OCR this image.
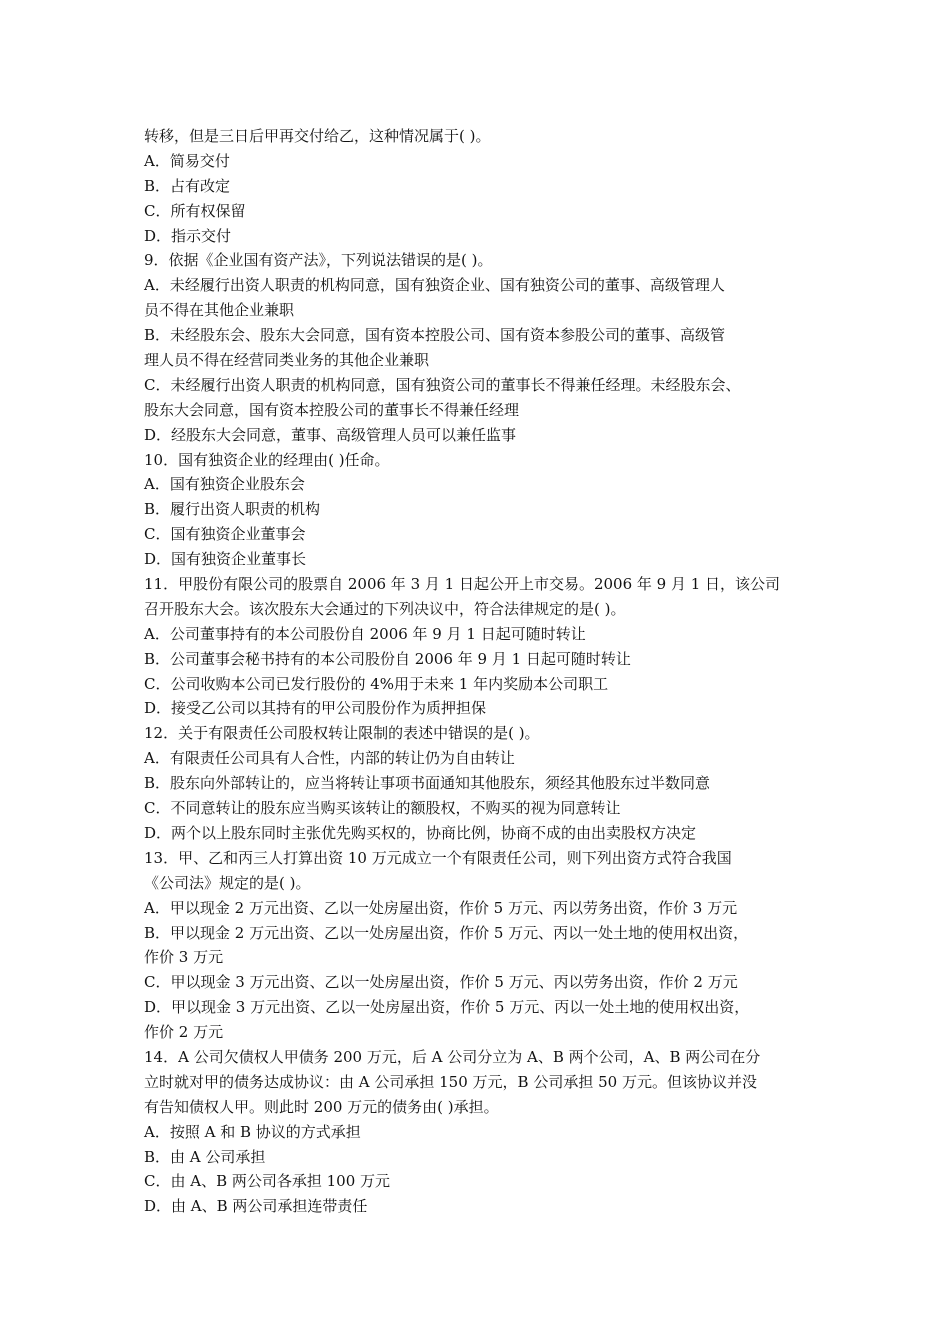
转移，但是三日后甲再交付给乙，这种情况属于( )。
A．简易交付
B．占有改定
C．所有权保留
D．指示交付
9．依据《企业国有资产法》，下列说法错误的是( )。
A．未经履行出资人职责的机构同意，国有独资企业、国有独资公司的董事、高级管理人
员不得在其他企业兼职
B．未经股东会、股东大会同意，国有资本控股公司、国有资本参股公司的董事、高级管
理人员不得在经营同类业务的其他企业兼职
C．未经履行出资人职责的机构同意，国有独资公司的董事长不得兼任经理。未经股东会、
股东大会同意，国有资本控股公司的董事长不得兼任经理
D．经股东大会同意，董事、高级管理人员可以兼任监事
10．国有独资企业的经理由( )任命。
A．国有独资企业股东会
B．履行出资人职责的机构
C．国有独资企业董事会
D．国有独资企业董事长
11．甲股份有限公司的股票自 2006 年 3 月 1 日起公开上市交易。2006 年 9 月 1 日，该公司
召开股东大会。该次股东大会通过的下列决议中，符合法律规定的是( )。
A．公司董事持有的本公司股份自 2006 年 9 月 1 日起可随时转让
B．公司董事会秘书持有的本公司股份自 2006 年 9 月 1 日起可随时转让
C．公司收购本公司已发行股份的 4%用于未来 1 年内奖励本公司职工
D．接受乙公司以其持有的甲公司股份作为质押担保
12．关于有限责任公司股权转让限制的表述中错误的是( )。
A．有限责任公司具有人合性，内部的转让仍为自由转让
B．股东向外部转让的，应当将转让事项书面通知其他股东，须经其他股东过半数同意
C．不同意转让的股东应当购买该转让的额股权，不购买的视为同意转让
D．两个以上股东同时主张优先购买权的，协商比例，协商不成的由出卖股权方决定
13．甲、乙和丙三人打算出资 10 万元成立一个有限责任公司，则下列出资方式符合我国
《公司法》规定的是( )。
A．甲以现金 2 万元出资、乙以一处房屋出资，作价 5 万元、丙以劳务出资，作价 3 万元
B．甲以现金 2 万元出资、乙以一处房屋出资，作价 5 万元、丙以一处土地的使用权出资，
作价 3 万元
C．甲以现金 3 万元出资、乙以一处房屋出资，作价 5 万元、丙以劳务出资，作价 2 万元
D．甲以现金 3 万元出资、乙以一处房屋出资，作价 5 万元、丙以一处土地的使用权出资，
作价 2 万元
14．A 公司欠债权人甲债务 200 万元，后 A 公司分立为 A、B 两个公司，A、B 两公司在分
立时就对甲的债务达成协议：由 A 公司承担 150 万元，B 公司承担 50 万元。但该协议并没
有告知债权人甲。则此时 200 万元的债务由( )承担。
A．按照 A 和 B 协议的方式承担
B．由 A 公司承担
C．由 A、B 两公司各承担 100 万元
D．由 A、B 两公司承担连带责任
